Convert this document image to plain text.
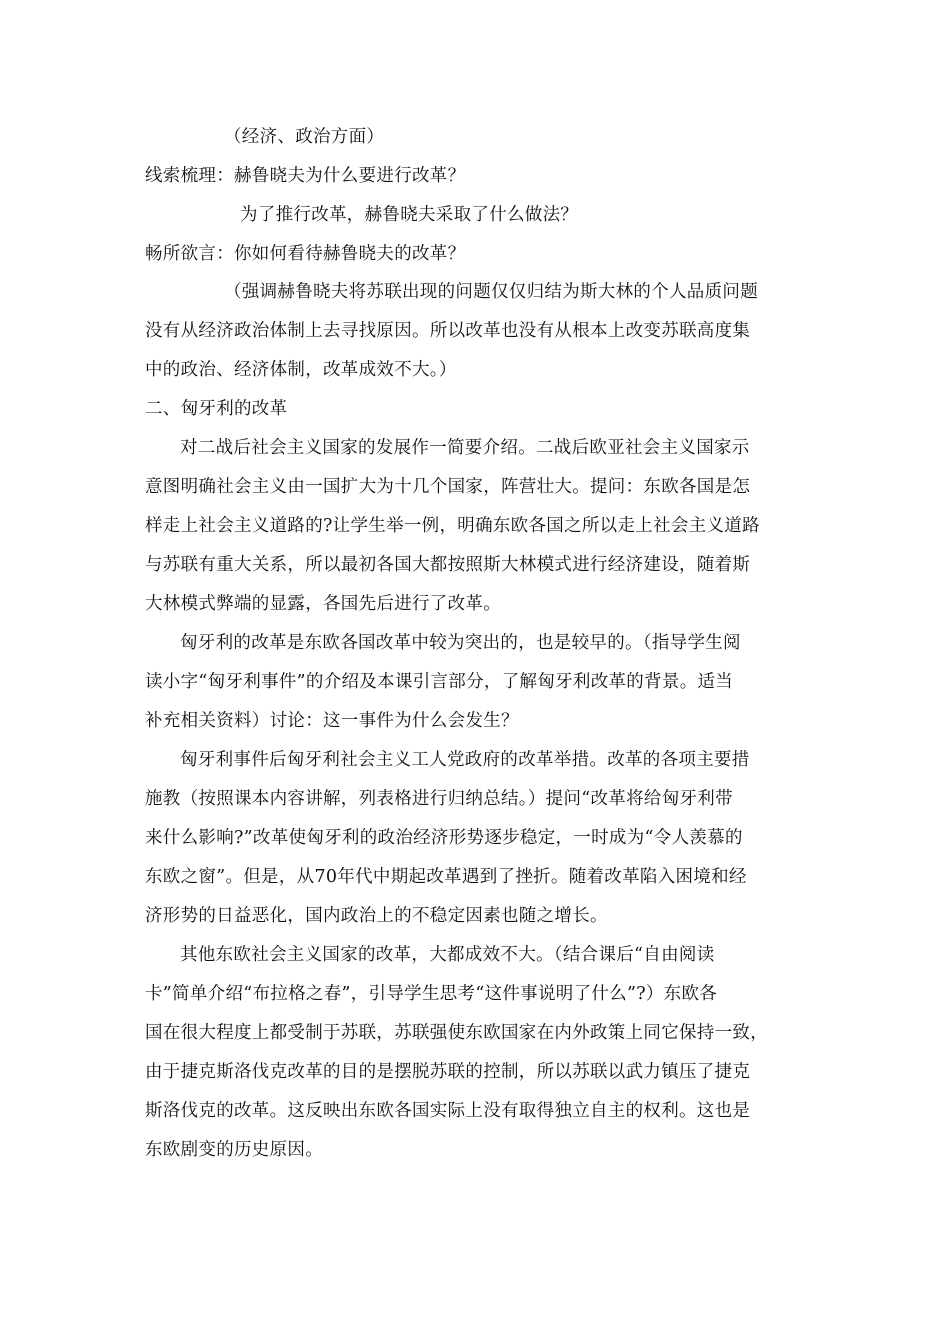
（经济、政治方面）
线索梳理：赫鲁晓夫为什么要进行改革？
为了推行改革，赫鲁晓夫采取了什么做法？
畅所欲言：你如何看待赫鲁晓夫的改革？
（强调赫鲁晓夫将苏联出现的问题仅仅归结为斯大林的个人品质问题
没有从经济政治体制上去寻找原因。所以改革也没有从根本上改变苏联高度集
中的政治、经济体制，改革成效不大。）
二、匈牙利的改革
对二战后社会主义国家的发展作一简要介绍。二战后欧亚社会主义国家示
意图明确社会主义由一国扩大为十几个国家，阵营壮大。提问：东欧各国是怎
样走上社会主义道路的?让学生举一例，明确东欧各国之所以走上社会主义道路
与苏联有重大关系，所以最初各国大都按照斯大林模式进行经济建设，随着斯
大林模式弊端的显露，各国先后进行了改革。
匈牙利的改革是东欧各国改革中较为突出的，也是较早的。（指导学生阅
读小字“匈牙利事件”的介绍及本课引言部分，了解匈牙利改革的背景。适当
补充相关资料）讨论：这一事件为什么会发生？
匈牙利事件后匈牙利社会主义工人党政府的改革举措。改革的各项主要措
施教（按照课本内容讲解，列表格进行归纳总结。）提问“改革将给匈牙利带
来什么影响?”改革使匈牙利的政治经济形势逐步稳定，一时成为“令人羡慕的
东欧之窗”。但是，从70年代中期起改革遇到了挫折。随着改革陷入困境和经
济形势的日益恶化，国内政治上的不稳定因素也随之增长。
其他东欧社会主义国家的改革，大都成效不大。（结合课后“自由阅读
卡”简单介绍“布拉格之春”，引导学生思考“这件事说明了什么”?）东欧各
国在很大程度上都受制于苏联，苏联强使东欧国家在内外政策上同它保持一致，
由于捷克斯洛伐克改革的目的是摆脱苏联的控制，所以苏联以武力镇压了捷克
斯洛伐克的改革。这反映出东欧各国实际上没有取得独立自主的权利。这也是
东欧剧变的历史原因。
